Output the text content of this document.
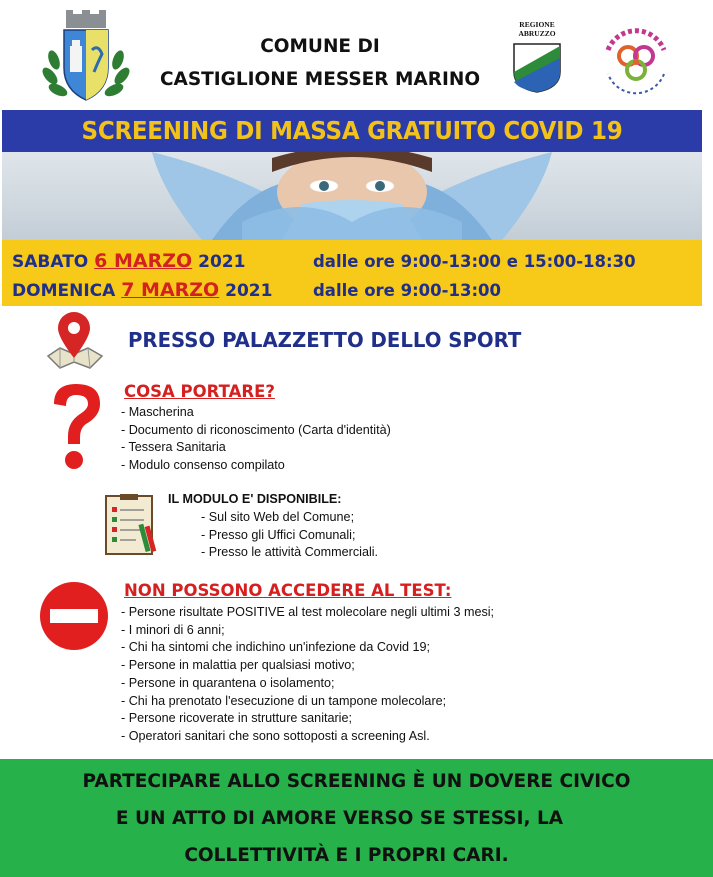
COMUNE DI
CASTIGLIONE MESSER MARINO
REGIONE
ABRUZZO
SCREENING DI MASSA GRATUITO COVID 19
SABATO 6 MARZO 2021	dalle ore 9:00-13:00 e 15:00-18:30
DOMENICA 7 MARZO 2021 dalle ore 9:00-13:00
PRESSO PALAZZETTO DELLO SPORT
COSA PORTARE?
- Mascherina
- Documento di riconoscimento (Carta d'identità)
- Tessera Sanitaria
- Modulo consenso compilato
IL MODULO E' DISPONIBILE:
- Sul sito Web del Comune;
- Presso gli Uffici Comunali;
- Presso le attività Commerciali.
NON POSSONO ACCEDERE AL TEST:
- Persone risultate POSITIVE al test molecolare negli ultimi 3 mesi;
- I minori di 6 anni;
- Chi ha sintomi che indichino un'infezione da Covid 19;
- Persone in malattia per qualsiasi motivo;
- Persone in quarantena o isolamento;
- Chi ha prenotato l'esecuzione di un tampone molecolare;
- Persone ricoverate in strutture sanitarie;
- Operatori sanitari che sono sottoposti a screening Asl.
PARTECIPARE ALLO SCREENING È UN DOVERE CIVICO
E UN ATTO DI AMORE VERSO SE STESSI, LA
COLLETTIVITÀ E I PROPRI CARI.
